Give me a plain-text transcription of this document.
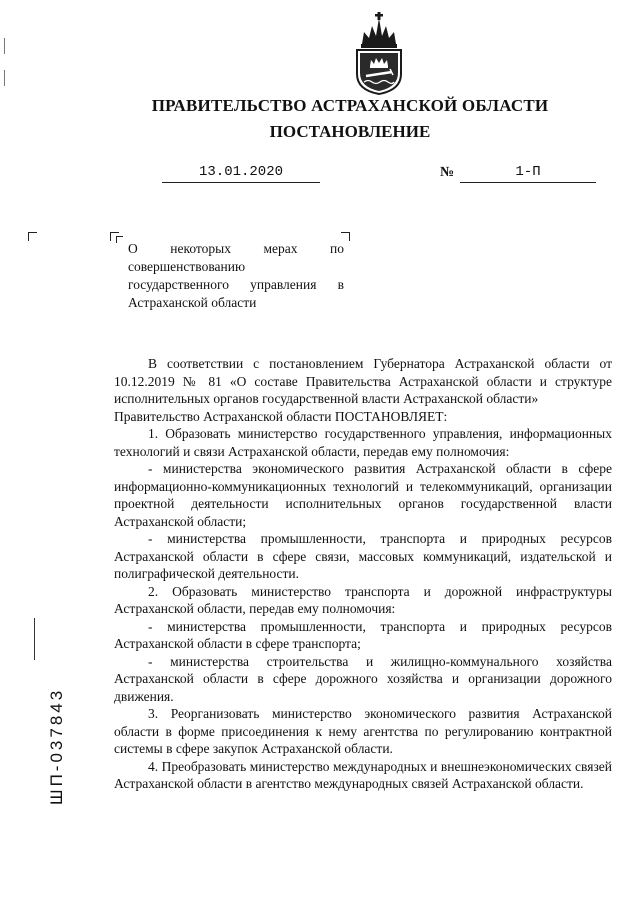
ПРАВИТЕЛЬСТВО АСТРАХАНСКОЙ ОБЛАСТИ
ПОСТАНОВЛЕНИЕ
13.01.2020	№	1-П
О некоторых мерах по совершенствованию государственного управления в Астраханской области

В соответствии с постановлением Губернатора Астраханской области от 10.12.2019 № 81 «О составе Правительства Астраханской области и структуре исполнительных органов государственной власти Астраханской области»

Правительство Астраханской области ПОСТАНОВЛЯЕТ:

1. Образовать министерство государственного управления, информационных технологий и связи Астраханской области, передав ему полномочия:

- министерства экономического развития Астраханской области в сфере информационно-коммуникационных технологий и телекоммуникаций, организации проектной деятельности исполнительных органов государственной власти Астраханской области;

- министерства промышленности, транспорта и природных ресурсов Астраханской области в сфере связи, массовых коммуникаций, издательской и полиграфической деятельности.

2. Образовать министерство транспорта и дорожной инфраструктуры Астраханской области, передав ему полномочия:

- министерства промышленности, транспорта и природных ресурсов Астраханской области в сфере транспорта;

- министерства строительства и жилищно-коммунального хозяйства Астраханской области в сфере дорожного хозяйства и организации дорожного движения.

3. Реорганизовать министерство экономического развития Астраханской области в форме присоединения к нему агентства по регулированию контрактной системы в сфере закупок Астраханской области.

4. Преобразовать министерство международных и внешнеэкономических связей Астраханской области в агентство международных связей Астраханской области.

ШП-037843
